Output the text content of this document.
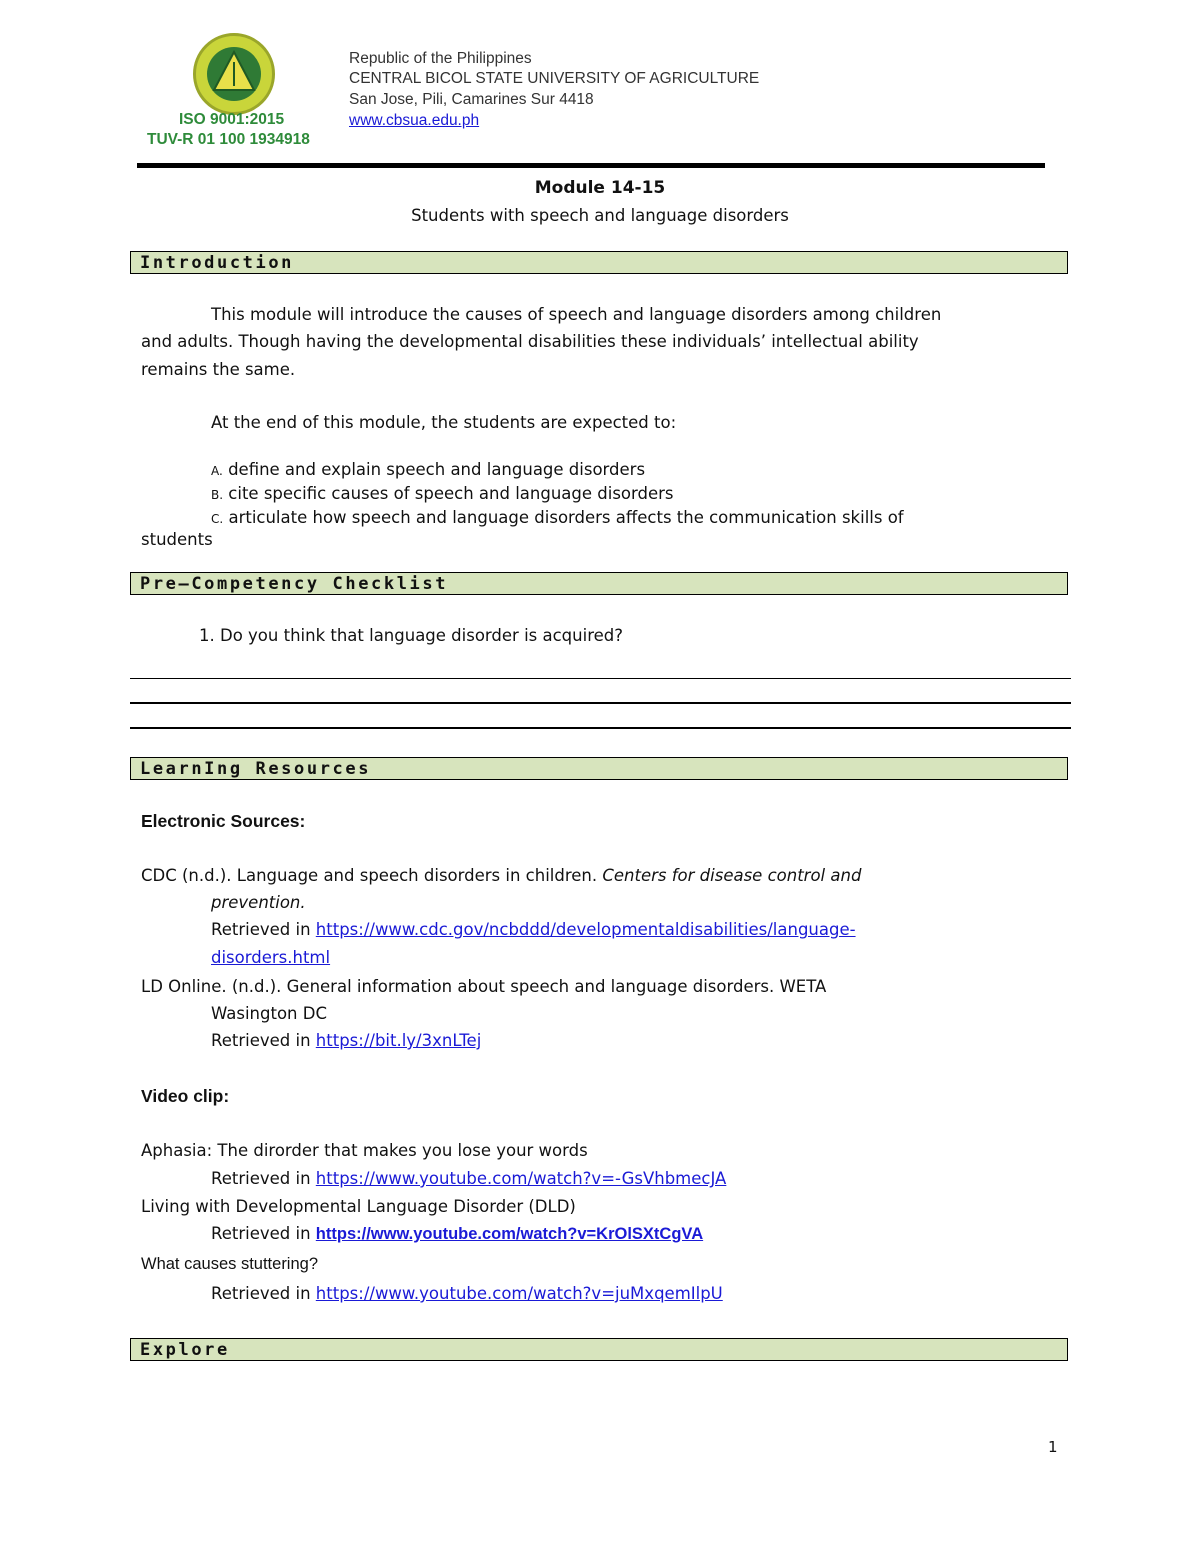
ISO 9001:2015
TUV-R 01 100 1934918
Republic of the Philippines
CENTRAL BICOL STATE UNIVERSITY OF AGRICULTURE
San Jose, Pili, Camarines Sur 4418
www.cbsua.edu.ph
Module 14-15
Students with speech and language disorders
Introduction
This module will introduce the causes of speech and language disorders among children
and adults. Though having the developmental disabilities these individuals’ intellectual ability
remains the same.
At the end of this module, the students are expected to:
A. define and explain speech and language disorders
B. cite specific causes of speech and language disorders
C. articulate how speech and language disorders affects the communication skills of
students
Pre–Competency Checklist
1. Do you think that language disorder is acquired?
LearnIng Resources
Electronic Sources:
CDC (n.d.). Language and speech disorders in children. Centers for disease control and
prevention.
Retrieved in https://www.cdc.gov/ncbddd/developmentaldisabilities/language-
disorders.html
LD Online. (n.d.). General information about speech and language disorders. WETA
Wasington DC
Retrieved in https://bit.ly/3xnLTej
Video clip:
Aphasia: The dirorder that makes you lose your words
Retrieved in https://www.youtube.com/watch?v=-GsVhbmecJA
Living with Developmental Language Disorder (DLD)
Retrieved in https://www.youtube.com/watch?v=KrOlSXtCgVA
What causes stuttering?
Retrieved in https://www.youtube.com/watch?v=juMxqemIlpU
Explore
1
